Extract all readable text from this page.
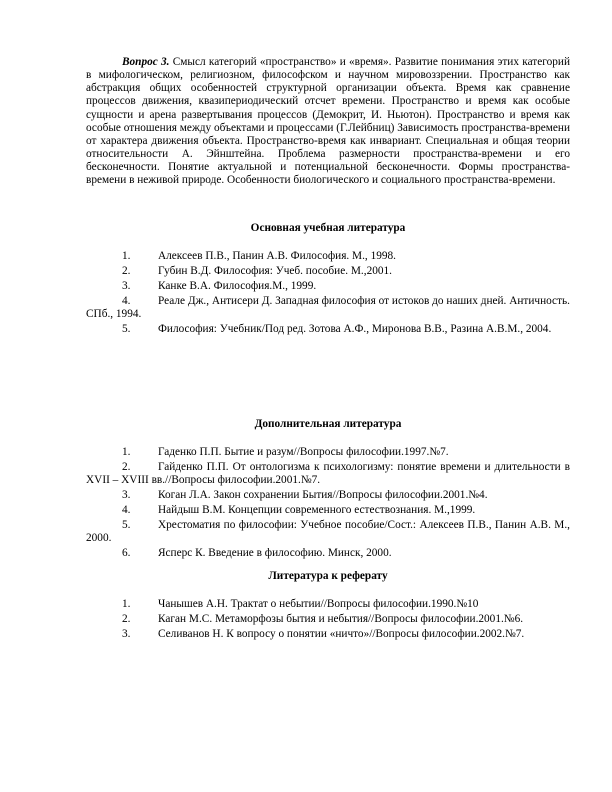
Вопрос 3. Смысл категорий «пространство» и «время». Развитие понимания этих категорий в мифологическом, религиозном, философском и научном мировоззрении. Пространство как абстракция общих особенностей структурной организации объекта. Время как сравнение процессов движения, квазипериодический отсчет времени. Пространство и время как особые сущности и арена развертывания процессов (Демокрит, И. Ньютон). Пространство и время как особые отношения между объектами и процессами (Г.Лейбниц) Зависимость пространства-времени от характера движения объекта. Пространство-время как инвариант. Специальная и общая теории относительности А. Эйнштейна. Проблема размерности пространства-времени и его бесконечности. Понятие актуальной и потенциальной бесконечности. Формы пространства-времени в неживой природе. Особенности биологического и социального пространства-времени.

Основная учебная литература

1. Алексеев П.В., Панин А.В. Философия. М., 1998.
2. Губин В.Д. Философия: Учеб. пособие. М.,2001.
3. Канке В.А. Философия.М., 1999.
4. Реале Дж., Антисери Д. Западная философия от истоков до наших дней. Античность. СПб., 1994.
5. Философия: Учебник/Под ред. Зотова А.Ф., Миронова В.В., Разина А.В.М., 2004.

Дополнительная литература

1. Гаденко П.П. Бытие и разум//Вопросы философии.1997.№7.
2. Гайденко П.П. От онтологизма к психологизму: понятие времени и длительности в XVII – XVIII вв.//Вопросы философии.2001.№7.
3. Коган Л.А. Закон сохранении Бытия//Вопросы философии.2001.№4.
4. Найдыш В.М. Концепции современного естествознания. М.,1999.
5. Хрестоматия по философии: Учебное пособие/Сост.: Алексеев П.В., Панин А.В. М., 2000.
6. Ясперс К. Введение в философию. Минск, 2000.

Литература к реферату

1. Чанышев А.Н. Трактат о небытии//Вопросы философии.1990.№10
2. Каган М.С. Метаморфозы бытия и небытия//Вопросы философии.2001.№6.
3. Селиванов Н. К вопросу о понятии «ничто»//Вопросы философии.2002.№7.
